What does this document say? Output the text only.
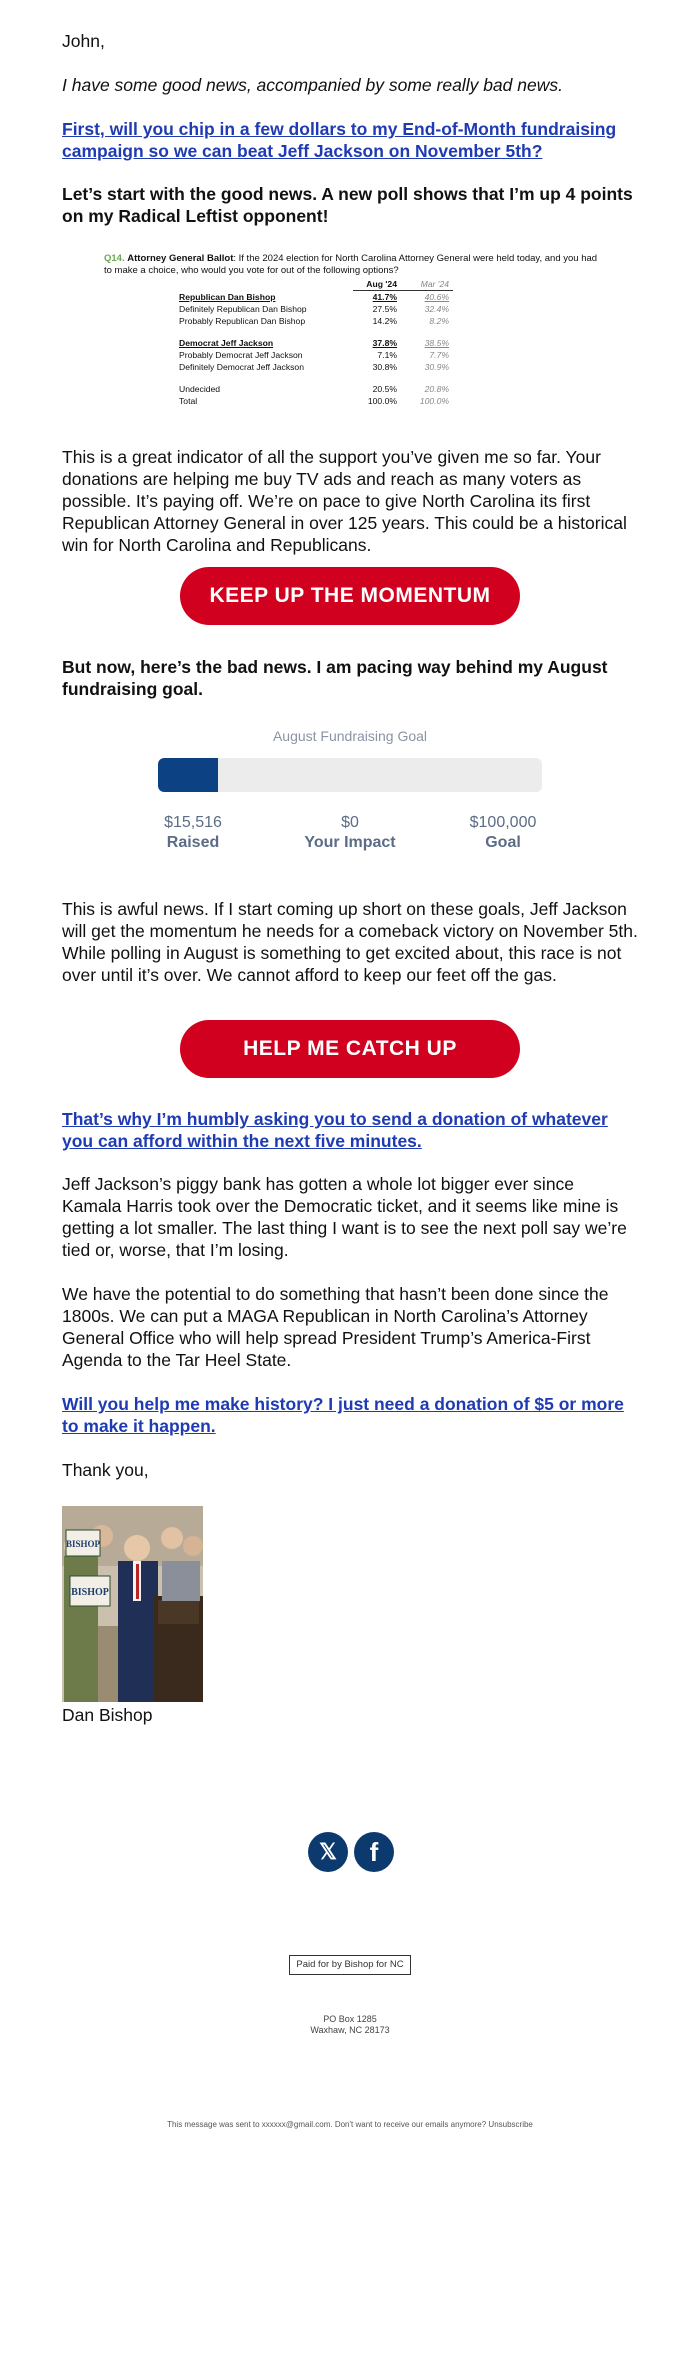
John,

I have some good news, accompanied by some really bad news.

First, will you chip in a few dollars to my End-of-Month fundraising campaign so we can beat Jeff Jackson on November 5th?

Let’s start with the good news. A new poll shows that I’m up 4 points on my Radical Leftist opponent!

Q14. Attorney General Ballot: If the 2024 election for North Carolina Attorney General were held today, and you had to make a choice, who would you vote for out of the following options?
	Aug '24	Mar '24
Republican Dan Bishop	41.7%	40.6%
Definitely Republican Dan Bishop	27.5%	32.4%
Probably Republican Dan Bishop	14.2%	8.2%

Democrat Jeff Jackson	37.8%	38.5%
Probably Democrat Jeff Jackson	7.1%	7.7%
Definitely Democrat Jeff Jackson	30.8%	30.9%

Undecided	20.5%	20.8%
Total	100.0%	100.0%

This is a great indicator of all the support you’ve given me so far. Your donations are helping me buy TV ads and reach as many voters as possible. It’s paying off. We’re on pace to give North Carolina its first Republican Attorney General in over 125 years. This could be a historical win for North Carolina and Republicans.

KEEP UP THE MOMENTUM

But now, here’s the bad news. I am pacing way behind my August fundraising goal.

August Fundraising Goal
$15,516
Raised
$0
Your Impact
$100,000
Goal

This is awful news. If I start coming up short on these goals, Jeff Jackson will get the momentum he needs for a comeback victory on November 5th. While polling in August is something to get excited about, this race is not over until it’s over. We cannot afford to keep our feet off the gas.

HELP ME CATCH UP

That’s why I’m humbly asking you to send a donation of whatever you can afford within the next five minutes.

Jeff Jackson’s piggy bank has gotten a whole lot bigger ever since Kamala Harris took over the Democratic ticket, and it seems like mine is getting a lot smaller. The last thing I want is to see the next poll say we’re tied or, worse, that I’m losing.

We have the potential to do something that hasn’t been done since the 1800s. We can put a MAGA Republican in North Carolina’s Attorney General Office who will help spread President Trump’s America-First Agenda to the Tar Heel State.

Will you help me make history? I just need a donation of $5 or more to make it happen.

Thank you,

BISHOP
BISHOP

Dan Bishop

𝕏 f
Paid for by Bishop for NC
PO Box 1285
Waxhaw, NC 28173
This message was sent to xxxxxx@gmail.com. Don't want to receive our emails anymore? Unsubscribe
